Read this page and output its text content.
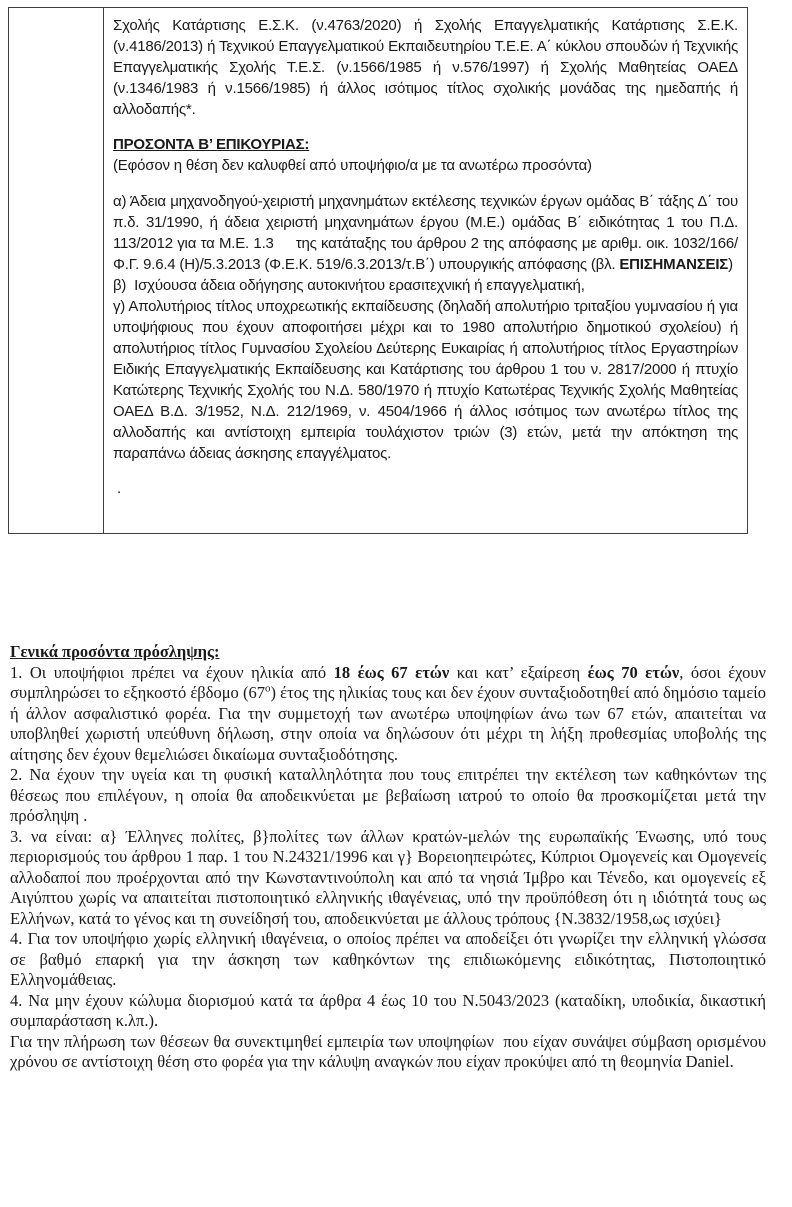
Σχολής Κατάρτισης Ε.Σ.Κ. (ν.4763/2020) ή Σχολής Επαγγελματικής Κατάρτισης Σ.Ε.Κ. (ν.4186/2013) ή Τεχνικού Επαγγελματικού Εκπαιδευτηρίου Τ.Ε.Ε. Α΄ κύκλου σπουδών ή Τεχνικής Επαγγελματικής Σχολής Τ.Ε.Σ. (ν.1566/1985 ή ν.576/1997) ή Σχολής Μαθητείας ΟΑΕΔ (ν.1346/1983 ή ν.1566/1985) ή άλλος ισότιμος τίτλος σχολικής μονάδας της ημεδαπής ή αλλοδαπής*.

ΠΡΟΣΟΝΤΑ Β’ ΕΠΙΚΟΥΡΙΑΣ:

(Εφόσον η θέση δεν καλυφθεί από υποψήφιο/α με τα ανωτέρω προσόντα)

α) Άδεια μηχανοδηγού-χειριστή μηχανημάτων εκτέλεσης τεχνικών έργων ομάδας Β΄ τάξης Δ΄ του π.δ. 31/1990, ή άδεια χειριστή μηχανημάτων έργου (Μ.Ε.) ομάδας Β΄ ειδικότητας 1 του Π.Δ. 113/2012 για τα Μ.Ε. 1.3     της κατάταξης του άρθρου 2 της απόφασης με αριθμ. οικ. 1032/166/Φ.Γ. 9.6.4 (Η)/5.3.2013 (Φ.Ε.Κ. 519/6.3.2013/τ.Β΄) υπουργικής απόφασης (βλ. ΕΠΙΣΗΜΑΝΣΕΙΣ)

β)  Ισχύουσα άδεια οδήγησης αυτοκινήτου ερασιτεχνική ή επαγγελματική,

γ) Απολυτήριος τίτλος υποχρεωτικής εκπαίδευσης (δηλαδή απολυτήριο τριταξίου γυμνασίου ή για υποψήφιους που έχουν αποφοιτήσει μέχρι και το 1980 απολυτήριο δημοτικού σχολείου) ή απολυτήριος τίτλος Γυμνασίου Σχολείου Δεύτερης Ευκαιρίας ή απολυτήριος τίτλος Εργαστηρίων Ειδικής Επαγγελματικής Εκπαίδευσης και Κατάρτισης του άρθρου 1 του ν. 2817/2000 ή πτυχίο Κατώτερης Τεχνικής Σχολής του Ν.Δ. 580/1970 ή πτυχίο Κατωτέρας Τεχνικής Σχολής Μαθητείας ΟΑΕΔ Β.Δ. 3/1952, Ν.Δ. 212/1969, ν. 4504/1966 ή άλλος ισότιμος των ανωτέρω τίτλος της αλλοδαπής και αντίστοιχη εμπειρία τουλάχιστον τριών (3) ετών, μετά την απόκτηση της παραπάνω άδειας άσκησης επαγγέλματος.

.

Γενικά προσόντα πρόσληψης:

1. Οι υποψήφιοι πρέπει να έχουν ηλικία από 18 έως 67 ετών και κατ’ εξαίρεση έως 70 ετών, όσοι έχουν συμπληρώσει το εξηκοστό έβδομο $(67^o)$ έτος της ηλικίας τους και δεν έχουν συνταξιοδοτηθεί από δημόσιο ταμείο ή άλλον ασφαλιστικό φορέα. Για την συμμετοχή των ανωτέρω υποψηφίων άνω των 67 ετών, απαιτείται να υποβληθεί χωριστή υπεύθυνη δήλωση, στην οποία να δηλώσουν ότι μέχρι τη λήξη προθεσμίας υποβολής της αίτησης δεν έχουν θεμελιώσει δικαίωμα συνταξιοδότησης.

2. Να έχουν την υγεία και τη φυσική καταλληλότητα που τους επιτρέπει την εκτέλεση των καθηκόντων της θέσεως που επιλέγουν, η οποία θα αποδεικνύεται με βεβαίωση ιατρού το οποίο θα προσκομίζεται μετά την πρόσληψη .

3. να είναι: α} Έλληνες πολίτες, β}πολίτες των άλλων κρατών-μελών της ευρωπαϊκής Ένωσης, υπό τους περιορισμούς του άρθρου 1 παρ. 1 του Ν.24321/1996 και γ} Βορειοηπειρώτες, Κύπριοι Ομογενείς και Ομογενείς αλλοδαποί που προέρχονται από την Κωνσταντινούπολη και από τα νησιά Ίμβρο και Τένεδο, και ομογενείς εξ Αιγύπτου χωρίς να απαιτείται πιστοποιητικό ελληνικής ιθαγένειας, υπό την προϋπόθεση ότι η ιδιότητά τους ως Ελλήνων, κατά το γένος και τη συνείδησή του, αποδεικνύεται με άλλους τρόπους {Ν.3832/1958,ως ισχύει}

4. Για τον υποψήφιο χωρίς ελληνική ιθαγένεια, ο οποίος πρέπει να αποδείξει ότι γνωρίζει την ελληνική γλώσσα σε βαθμό επαρκή για την άσκηση των καθηκόντων της επιδιωκόμενης ειδικότητας, Πιστοποιητικό Ελληνομάθειας.

4. Να μην έχουν κώλυμα διορισμού κατά τα άρθρα 4 έως 10 του Ν.5043/2023 (καταδίκη, υποδικία, δικαστική συμπαράσταση κ.λπ.).

Για την πλήρωση των θέσεων θα συνεκτιμηθεί εμπειρία των υποψηφίων  που είχαν συνάψει σύμβαση ορισμένου χρόνου σε αντίστοιχη θέση στο φορέα για την κάλυψη αναγκών που είχαν προκύψει από τη θεομηνία Daniel.
